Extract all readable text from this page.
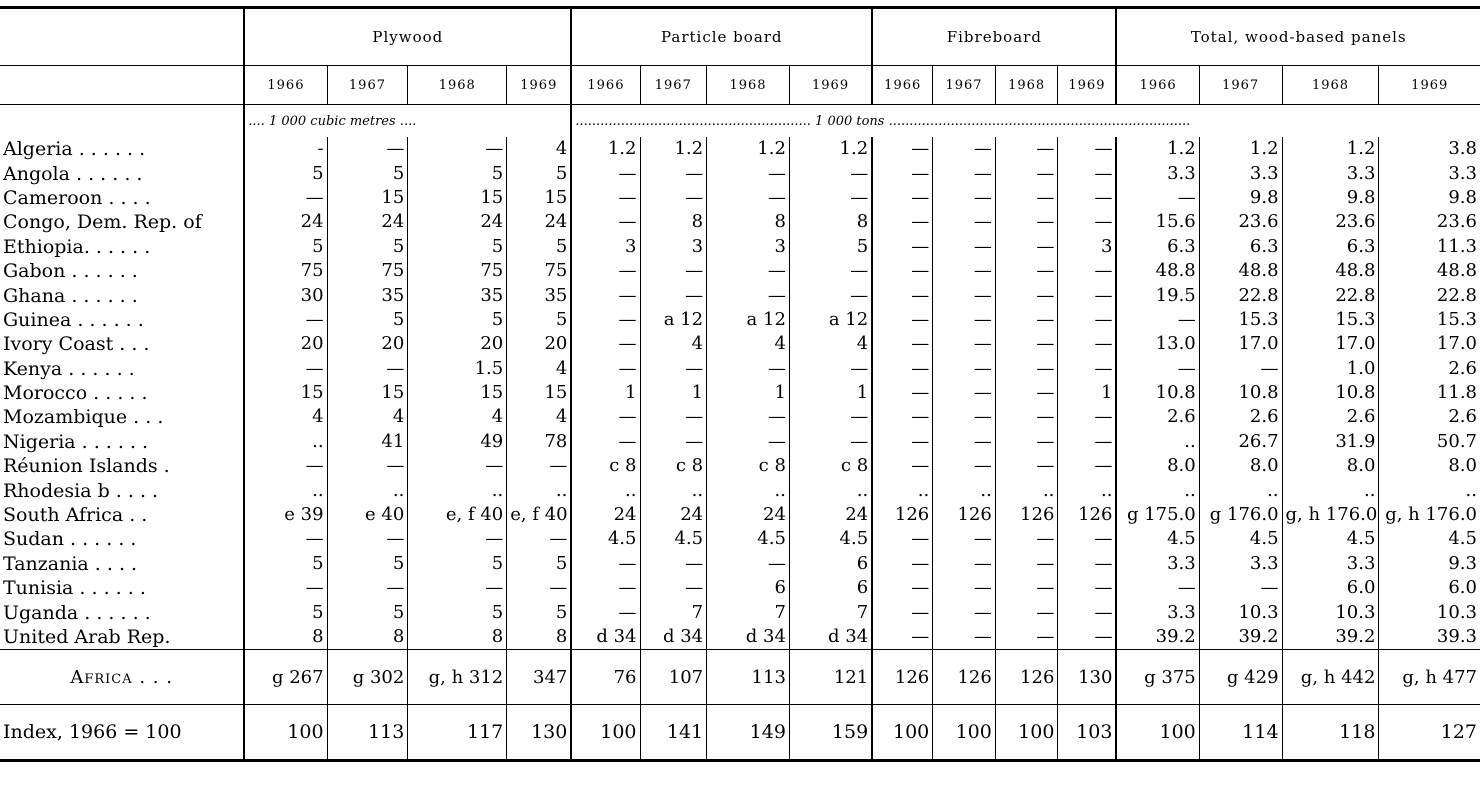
	Plywood				Particle board				Fibreboard				Total, wood-based panels			
	1966	1967	1968	1969	1966	1967	1968	1969	1966	1967	1968	1969	1966	1967	1968	1969
	.... 1 000 cubic metres ....				......................................................... 1 000 tons .........................................................................											
Algeria . . . . . .	-	—	—	4	1.2	1.2	1.2	1.2	—	—	—	—	1.2	1.2	1.2	3.8
Angola . . . . . .	5	5	5	5	—	—	—	—	—	—	—	—	3.3	3.3	3.3	3.3
Cameroon . . . .	—	15	15	15	—	—	—	—	—	—	—	—	—	9.8	9.8	9.8
Congo, Dem. Rep. of	24	24	24	24	—	8	8	8	—	—	—	—	15.6	23.6	23.6	23.6
Ethiopia. . . . . .	5	5	5	5	3	3	3	5	—	—	—	3	6.3	6.3	6.3	11.3
Gabon . . . . . .	75	75	75	75	—	—	—	—	—	—	—	—	48.8	48.8	48.8	48.8
Ghana . . . . . .	30	35	35	35	—	—	—	—	—	—	—	—	19.5	22.8	22.8	22.8
Guinea . . . . . .	—	5	5	5	—	a 12	a 12	a 12	—	—	—	—	—	15.3	15.3	15.3
Ivory Coast . . .	20	20	20	20	—	4	4	4	—	—	—	—	13.0	17.0	17.0	17.0
Kenya . . . . . .	—	—	1.5	4	—	—	—	—	—	—	—	—	—	—	1.0	2.6
Morocco . . . . .	15	15	15	15	1	1	1	1	—	—	—	1	10.8	10.8	10.8	11.8
Mozambique . . .	4	4	4	4	—	—	—	—	—	—	—	—	2.6	2.6	2.6	2.6
Nigeria . . . . . .	..	41	49	78	—	—	—	—	—	—	—	—	..	26.7	31.9	50.7
Réunion Islands .	—	—	—	—	c 8	c 8	c 8	c 8	—	—	—	—	8.0	8.0	8.0	8.0
Rhodesia b . . . .	..	..	..	..	..	..	..	..	..	..	..	..	..	..	..	..
South Africa . .	e 39	e 40	e, f 40	e, f 40	24	24	24	24	126	126	126	126	g 175.0	g 176.0	g, h 176.0	g, h 176.0
Sudan . . . . . .	—	—	—	—	4.5	4.5	4.5	4.5	—	—	—	—	4.5	4.5	4.5	4.5
Tanzania . . . .	5	5	5	5	—	—	—	6	—	—	—	—	3.3	3.3	3.3	9.3
Tunisia . . . . . .	—	—	—	—	—	—	6	6	—	—	—	—	—	—	6.0	6.0
Uganda . . . . . .	5	5	5	5	—	7	7	7	—	—	—	—	3.3	10.3	10.3	10.3
United Arab Rep.	8	8	8	8	d 34	d 34	d 34	d 34	—	—	—	—	39.2	39.2	39.2	39.3
Africa . . .	g 267	g 302	g, h 312	347	76	107	113	121	126	126	126	130	g 375	g 429	g, h 442	g, h 477
Index, 1966 = 100	100	113	117	130	100	141	149	159	100	100	100	103	100	114	118	127
